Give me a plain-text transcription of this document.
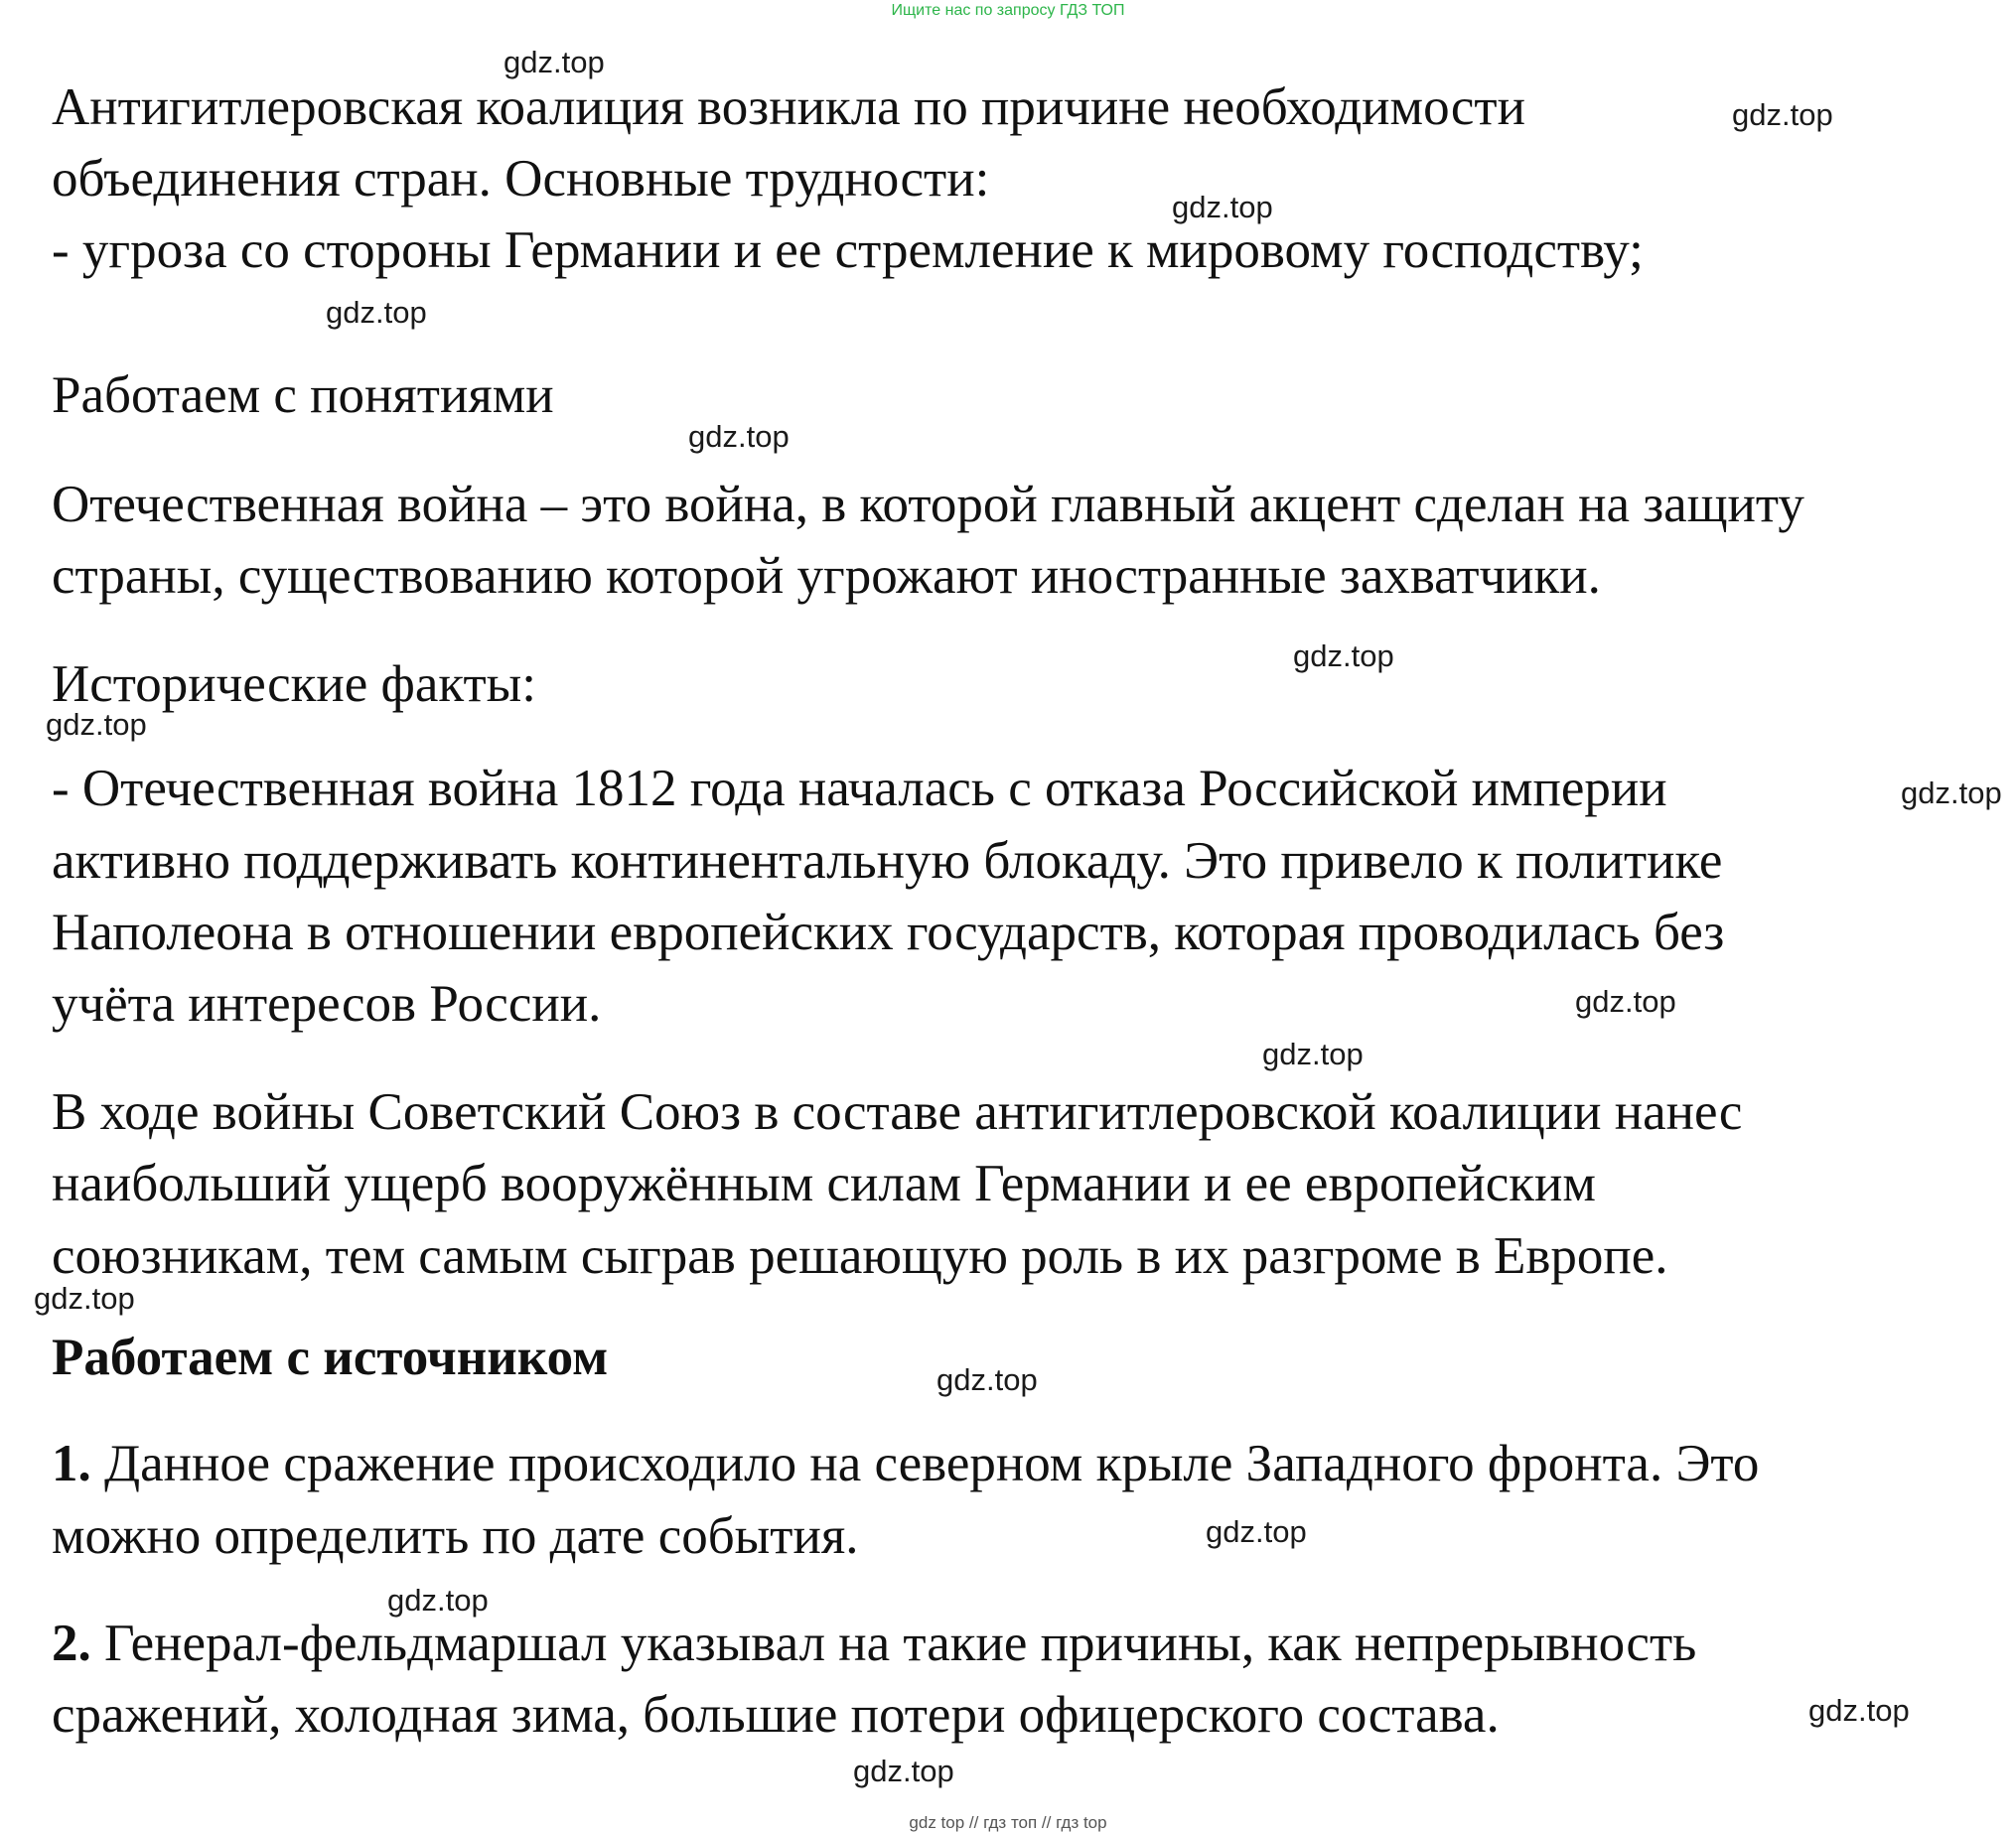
Ищите нас по запросу ГДЗ ТОП

Антигитлеровская коалиция возникла по причине необходимости

объединения стран. Основные трудности:

- угроза со стороны Германии и ее стремление к мировому господству;

Работаем с понятиями

Отечественная война – это война, в которой главный акцент сделан на защиту

страны, существованию которой угрожают иностранные захватчики.

Исторические факты:

- Отечественная война 1812 года началась с отказа Российской империи

активно поддерживать континентальную блокаду. Это привело к политике

Наполеона в отношении европейских государств, которая проводилась без

учёта интересов России.

В ходе войны Советский Союз в составе антигитлеровской коалиции нанес

наибольший ущерб вооружённым силам Германии и ее европейским

союзникам, тем самым сыграв решающую роль в их разгроме в Европе.

Работаем с источником

1. Данное сражение происходило на северном крыле Западного фронта. Это

можно определить по дате события.

2. Генерал-фельдмаршал указывал на такие причины, как непрерывность

сражений, холодная зима, большие потери офицерского состава.

gdz.top
gdz.top
gdz.top
gdz.top
gdz.top
gdz.top
gdz.top
gdz.top
gdz.top
gdz.top
gdz.top
gdz.top
gdz.top
gdz.top
gdz.top
gdz.top
gdz top // гдз топ // гдз top
